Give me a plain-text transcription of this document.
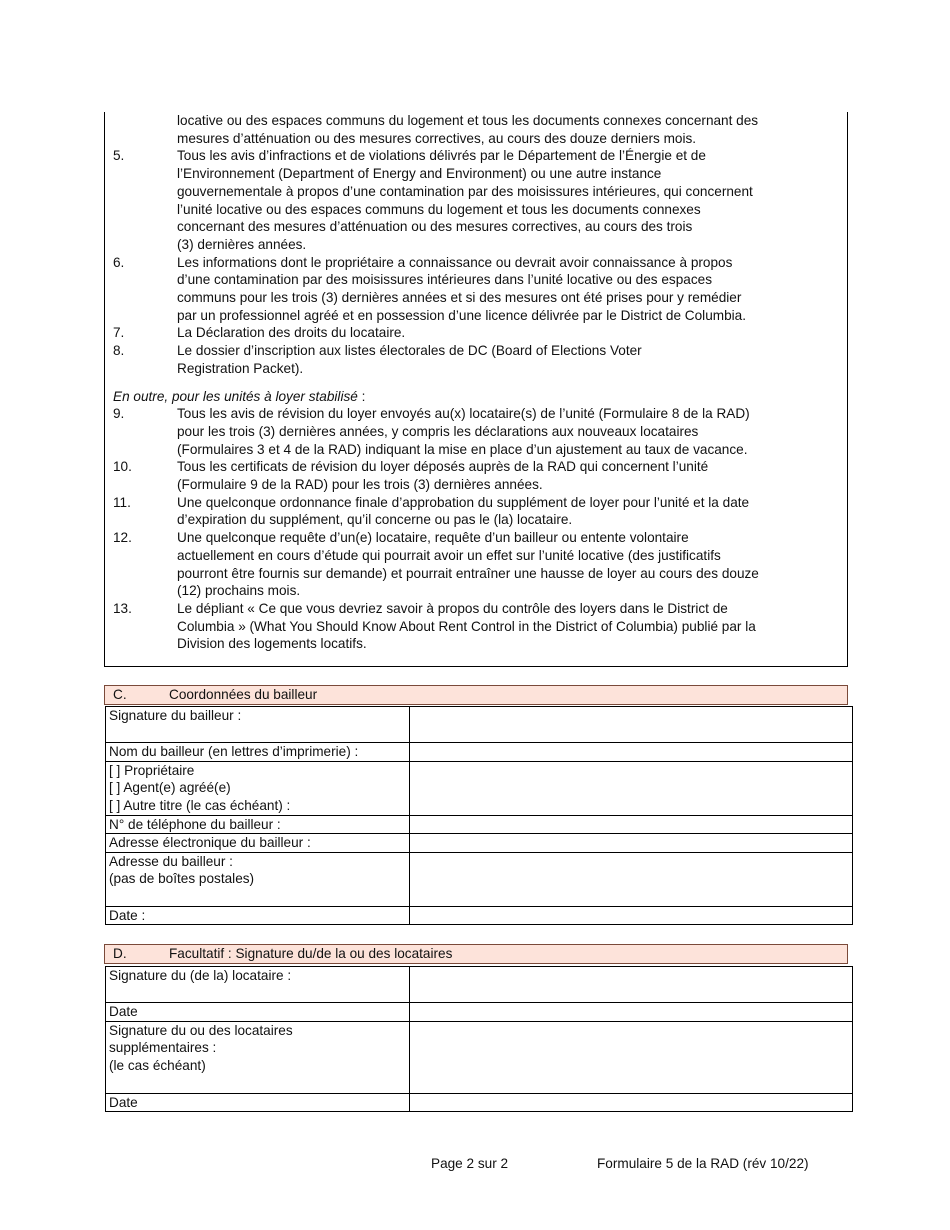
locative ou des espaces communs du logement et tous les documents connexes concernant des
mesures d’atténuation ou des mesures correctives, au cours des douze derniers mois.
5.	Tous les avis d’infractions et de violations délivrés par le Département de l’Énergie et de
l’Environnement (Department of Energy and Environment) ou une autre instance
gouvernementale à propos d’une contamination par des moisissures intérieures, qui concernent
l’unité locative ou des espaces communs du logement et tous les documents connexes
concernant des mesures d’atténuation ou des mesures correctives, au cours des trois
(3) dernières années.
6.	Les informations dont le propriétaire a connaissance ou devrait avoir connaissance à propos
d’une contamination par des moisissures intérieures dans l’unité locative ou des espaces
communs pour les trois (3) dernières années et si des mesures ont été prises pour y remédier
par un professionnel agréé et en possession d’une licence délivrée par le District de Columbia.
7.	La Déclaration des droits du locataire.
8.	Le dossier d’inscription aux listes électorales de DC (Board of Elections Voter
Registration Packet).
En outre, pour les unités à loyer stabilisé :
9.	Tous les avis de révision du loyer envoyés au(x) locataire(s) de l’unité (Formulaire 8 de la RAD)
pour les trois (3) dernières années, y compris les déclarations aux nouveaux locataires
(Formulaires 3 et 4 de la RAD) indiquant la mise en place d’un ajustement au taux de vacance.
10.	Tous les certificats de révision du loyer déposés auprès de la RAD qui concernent l’unité
(Formulaire 9 de la RAD) pour les trois (3) dernières années.
11.	Une quelconque ordonnance finale d’approbation du supplément de loyer pour l’unité et la date
d’expiration du supplément, qu’il concerne ou pas le (la) locataire.
12.	Une quelconque requête d’un(e) locataire, requête d’un bailleur ou entente volontaire
actuellement en cours d’étude qui pourrait avoir un effet sur l’unité locative (des justificatifs
pourront être fournis sur demande) et pourrait entraîner une hausse de loyer au cours des douze
(12) prochains mois.
13.	Le dépliant « Ce que vous devriez savoir à propos du contrôle des loyers dans le District de
Columbia » (What You Should Know About Rent Control in the District of Columbia) publié par la
Division des logements locatifs.
C.	Coordonnées du bailleur
Signature du bailleur :	

Nom du bailleur (en lettres d’imprimerie) :	

[ ] Propriétaire
[ ] Agent(e) agréé(e)
[ ] Autre titre (le cas échéant) :	

N° de téléphone du bailleur :	

Adresse électronique du bailleur :	

Adresse du bailleur :
(pas de boîtes postales)	

Date :	

D.	Facultatif : Signature du/de la ou des locataires
Signature du (de la) locataire :	

Date	

Signature du ou des locataires
supplémentaires :
(le cas échéant)	

Date	

Page 2 sur 2	Formulaire 5 de la RAD (rév 10/22)
